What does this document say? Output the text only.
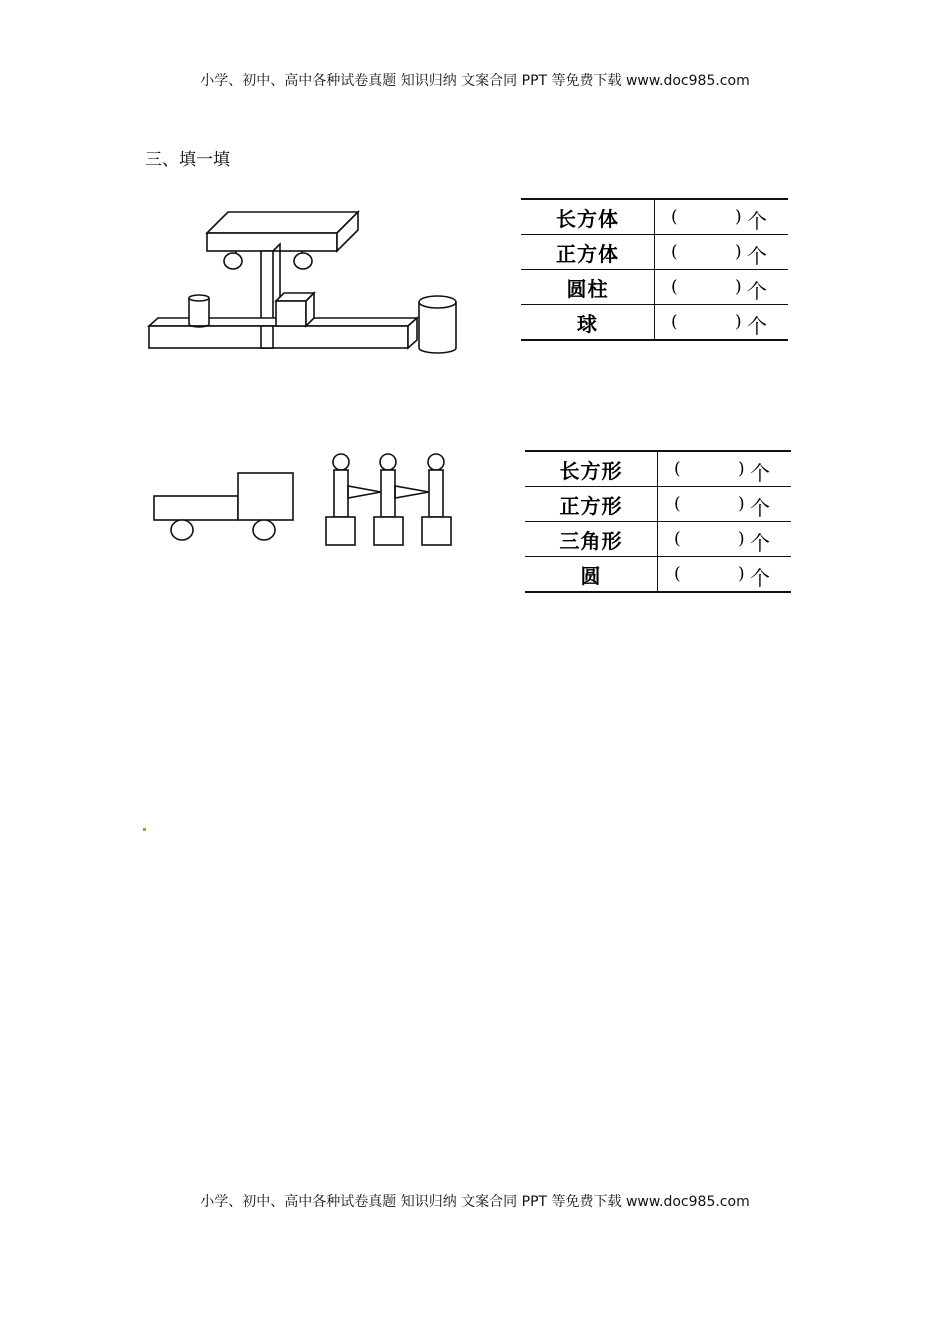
小学、初中、高中各种试卷真题 知识归纳 文案合同 PPT 等免费下载 www.doc985.com
三、填一填
长方体	( ) 个

正方体	( ) 个

圆柱	( ) 个

球	( ) 个
长方形	( ) 个

正方形	( ) 个

三角形	( ) 个

圆	( ) 个
小学、初中、高中各种试卷真题 知识归纳 文案合同 PPT 等免费下载 www.doc985.com
